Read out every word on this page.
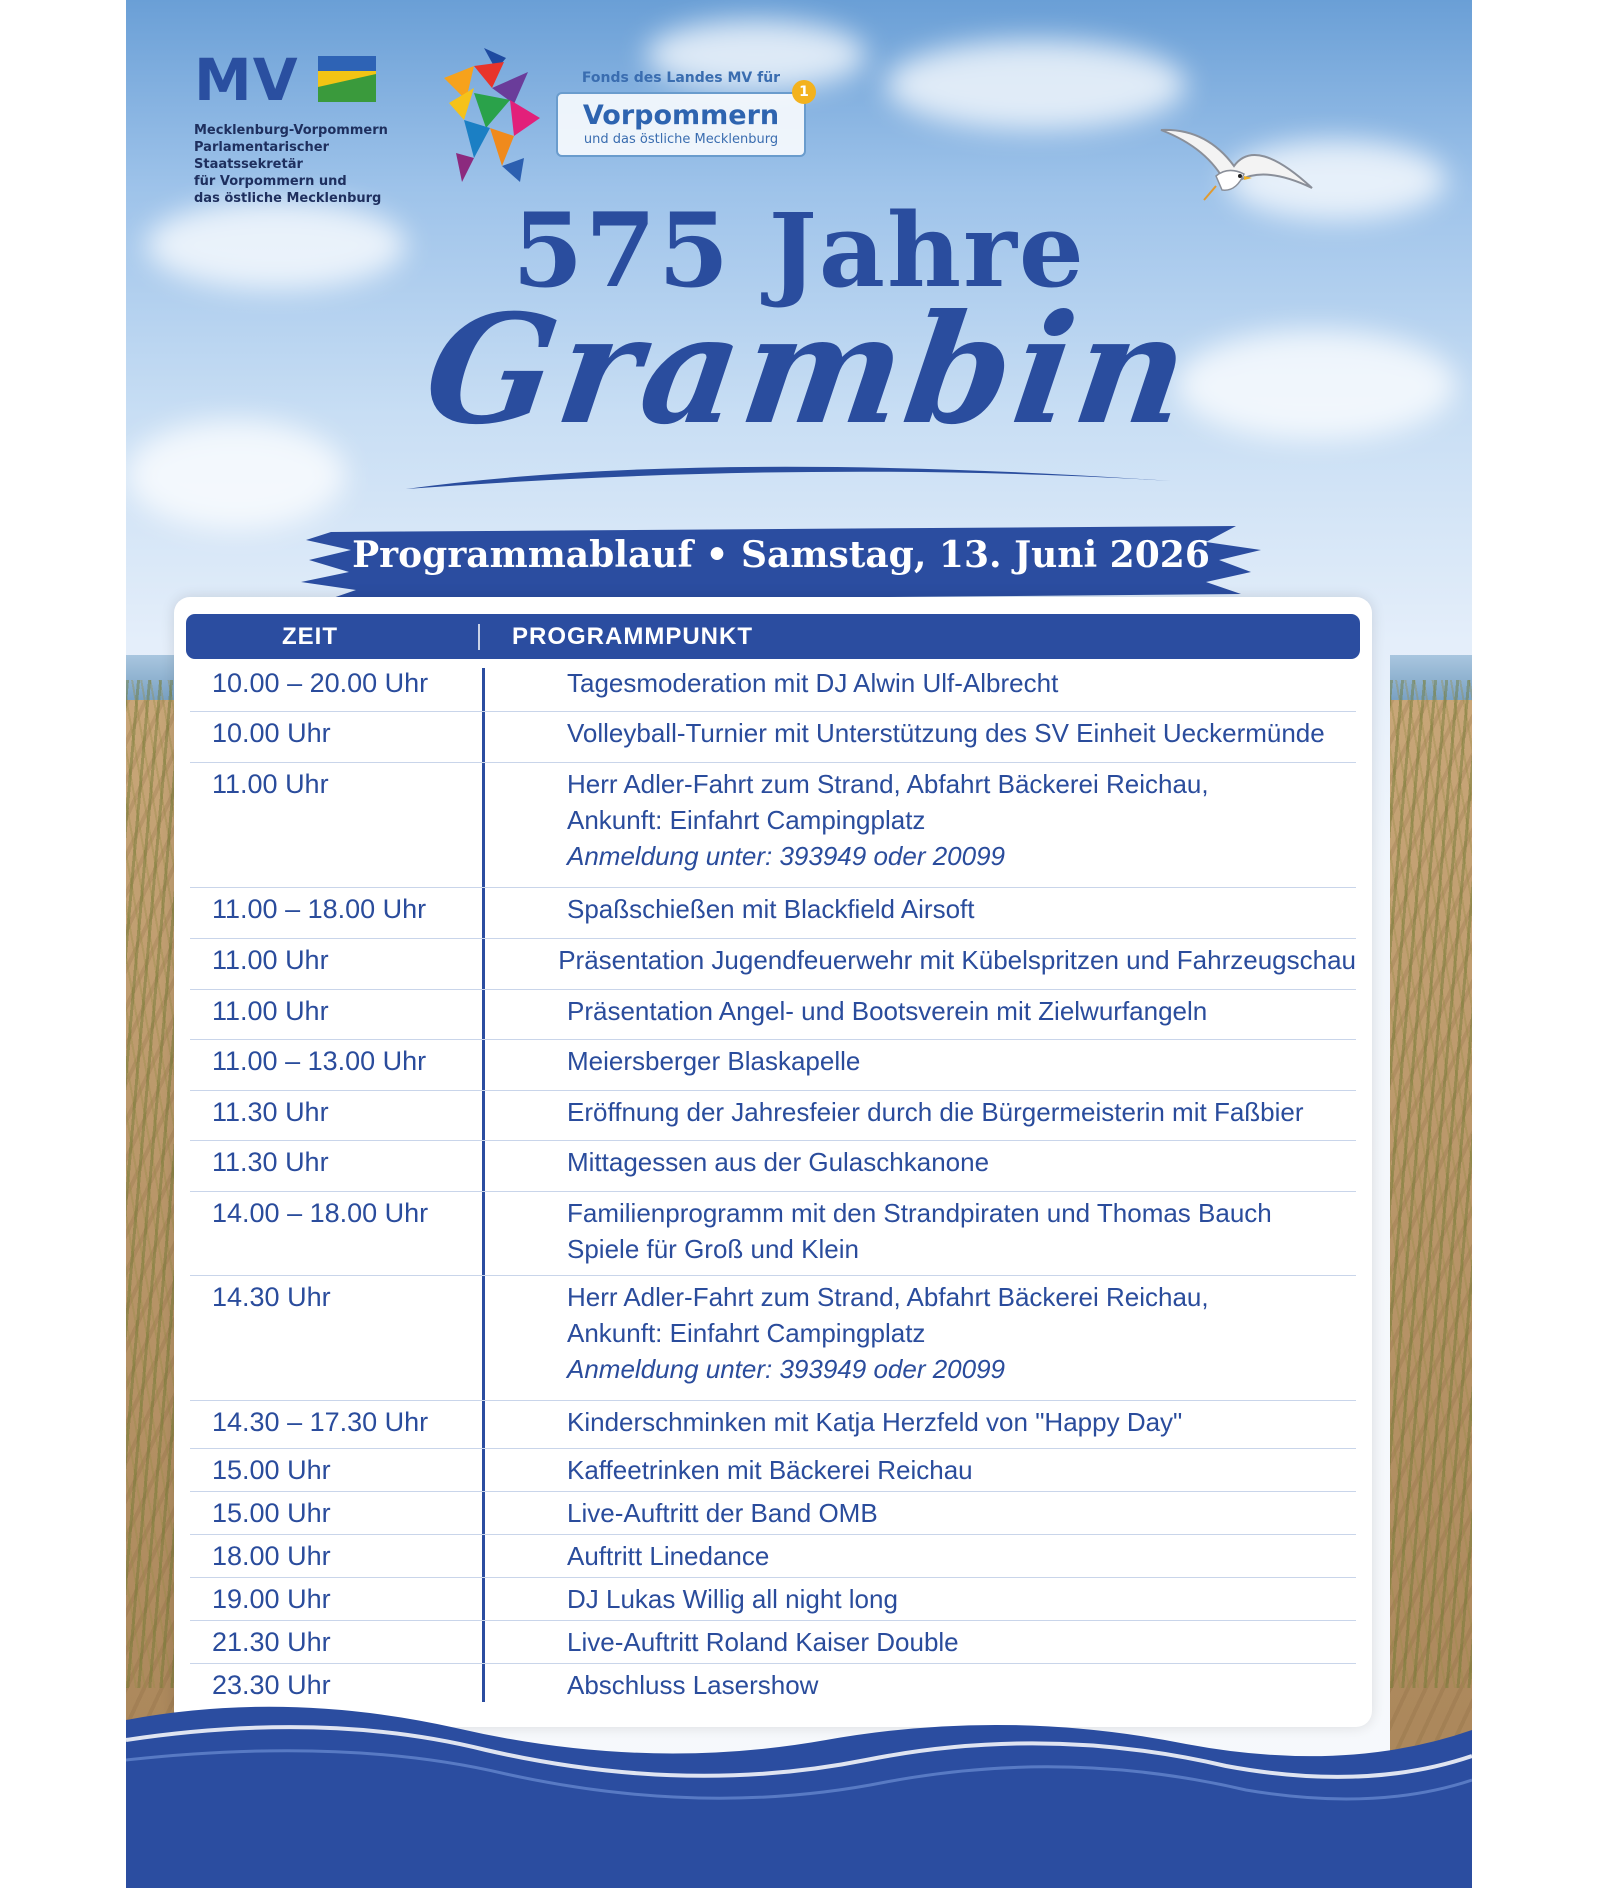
MV
Mecklenburg-Vorpommern
Parlamentarischer Staatssekretär
für Vorpommern und
das östliche Mecklenburg
Fonds des Landes MV für
Vorpommern
und das östliche Mecklenburg
1
575 Jahre
Grambin
Programmablauf • Samstag, 13. Juni 2026
ZEIT	PROGRAMMPUNKT
10.00 – 20.00 Uhr	Tagesmoderation mit DJ Alwin Ulf-Albrecht
10.00 Uhr	Volleyball-Turnier mit Unterstützung des SV Einheit Ueckermünde
11.00 Uhr	Herr Adler-Fahrt zum Strand, Abfahrt Bäckerei Reichau,
Ankunft: Einfahrt Campingplatz
Anmeldung unter: 393949 oder 20099
11.00 – 18.00 Uhr	Spaßschießen mit Blackfield Airsoft
11.00 Uhr	Präsentation Jugendfeuerwehr mit Kübelspritzen und Fahrzeugschau
11.00 Uhr	Präsentation Angel- und Bootsverein mit Zielwurfangeln
11.00 – 13.00 Uhr	Meiersberger Blaskapelle
11.30 Uhr	Eröffnung der Jahresfeier durch die Bürgermeisterin mit Faßbier
11.30 Uhr	Mittagessen aus der Gulaschkanone
14.00 – 18.00 Uhr	Familienprogramm mit den Strandpiraten und Thomas Bauch
Spiele für Groß und Klein
14.30 Uhr	Herr Adler-Fahrt zum Strand, Abfahrt Bäckerei Reichau,
Ankunft: Einfahrt Campingplatz
Anmeldung unter: 393949 oder 20099
14.30 – 17.30 Uhr	Kinderschminken mit Katja Herzfeld von "Happy Day"
15.00 Uhr	Kaffeetrinken mit Bäckerei Reichau
15.00 Uhr	Live-Auftritt der Band OMB
18.00 Uhr	Auftritt Linedance
19.00 Uhr	DJ Lukas Willig all night long
21.30 Uhr	Live-Auftritt Roland Kaiser Double
23.30 Uhr	Abschluss Lasershow
